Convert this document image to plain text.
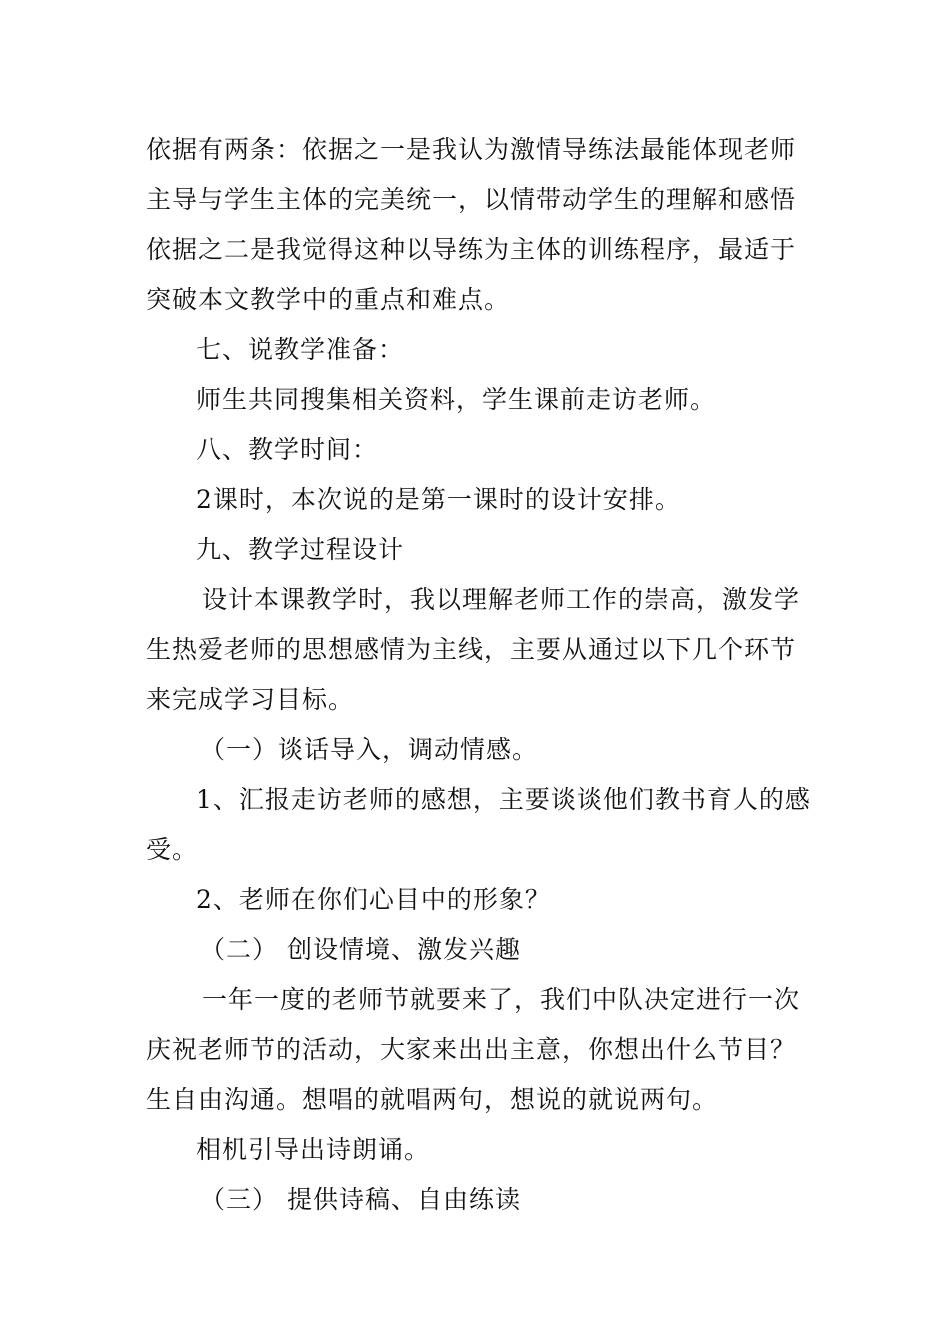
依据有两条：依据之一是我认为激情导练法最能体现老师
主导与学生主体的完美统一，以情带动学生的理解和感悟
依据之二是我觉得这种以导练为主体的训练程序，最适于
突破本文教学中的重点和难点。
七、说教学准备：
师生共同搜集相关资料，学生课前走访老师。
八、教学时间：
2课时，本次说的是第一课时的设计安排。
九、教学过程设计
设计本课教学时，我以理解老师工作的崇高，激发学
生热爱老师的思想感情为主线，主要从通过以下几个环节
来完成学习目标。
（一）谈话导入，调动情感。
1、汇报走访老师的感想，主要谈谈他们教书育人的感
受。
2、老师在你们心目中的形象？
（二） 创设情境、激发兴趣
一年一度的老师节就要来了，我们中队决定进行一次
庆祝老师节的活动，大家来出出主意，你想出什么节目？
生自由沟通。想唱的就唱两句，想说的就说两句。
相机引导出诗朗诵。
（三） 提供诗稿、自由练读
